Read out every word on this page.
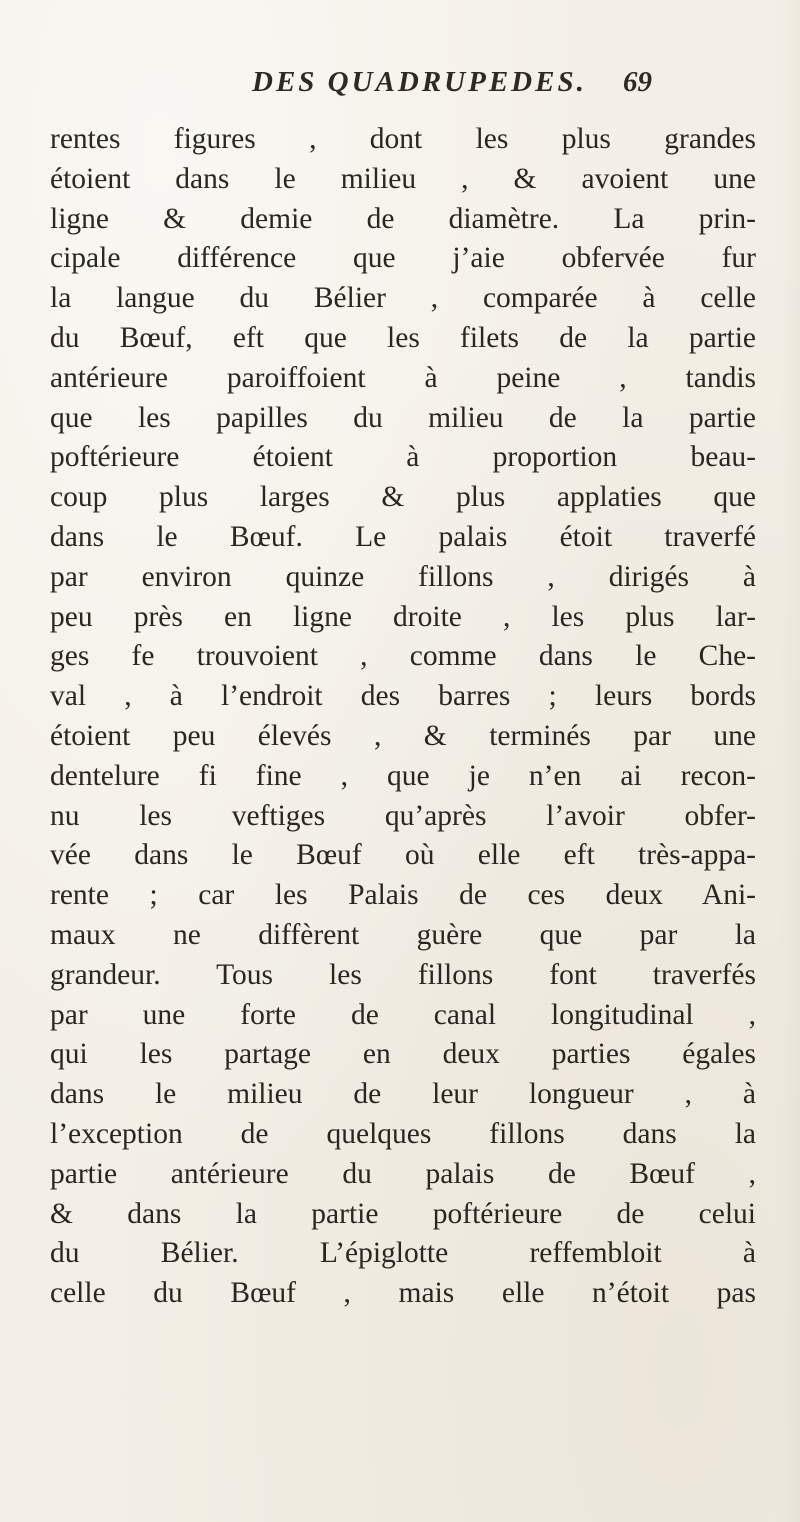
DES QUADRUPEDES. 69
rentes figures , dont les plus grandes
étoient dans le milieu , & avoient une
ligne & demie de diamètre. La prin-
cipale différence que j’aie obfervée fur
la langue du Bélier , comparée à celle
du Bœuf, eft que les filets de la partie
antérieure paroiffoient à peine , tandis
que les papilles du milieu de la partie
poftérieure étoient à proportion beau-
coup plus larges & plus applaties que
dans le Bœuf. Le palais étoit traverfé
par environ quinze fillons , dirigés à
peu près en ligne droite , les plus lar-
ges fe trouvoient , comme dans le Che-
val , à l’endroit des barres ; leurs bords
étoient peu élevés , & terminés par une
dentelure fi fine , que je n’en ai recon-
nu les veftiges qu’après l’avoir obfer-
vée dans le Bœuf où elle eft très-appa-
rente ; car les Palais de ces deux Ani-
maux ne diffèrent guère que par la
grandeur. Tous les fillons font traverfés
par une forte de canal longitudinal ,
qui les partage en deux parties égales
dans le milieu de leur longueur , à
l’exception de quelques fillons dans la
partie antérieure du palais de Bœuf ,
& dans la partie poftérieure de celui
du Bélier. L’épiglotte reffembloit à
celle du Bœuf , mais elle n’étoit pas
